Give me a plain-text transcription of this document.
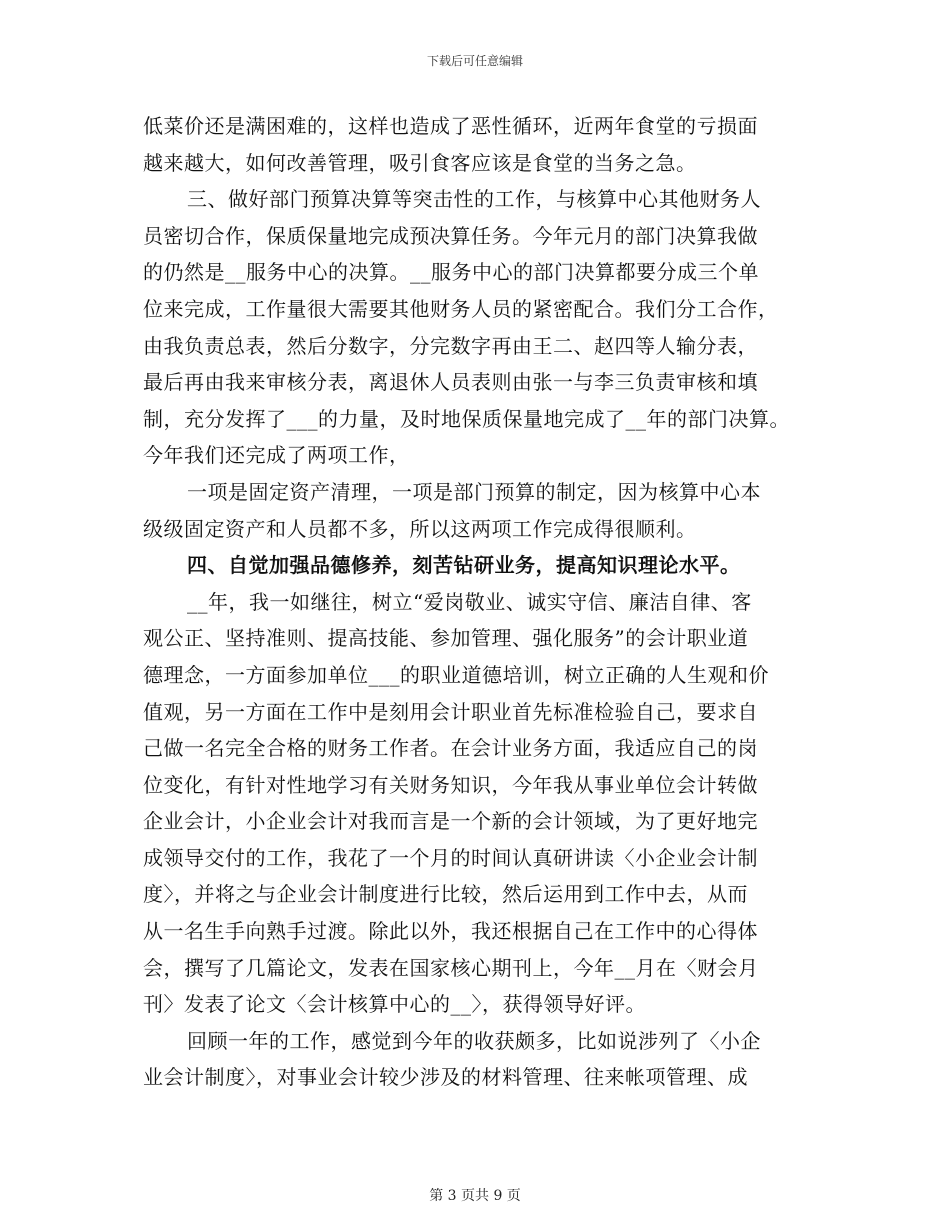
下载后可任意编辑

低菜价还是满困难的，这样也造成了恶性循环，近两年食堂的亏损面

越来越大，如何改善管理，吸引食客应该是食堂的当务之急。

三、做好部门预算决算等突击性的工作，与核算中心其他财务人

员密切合作，保质保量地完成预决算任务。今年元月的部门决算我做

的仍然是__服务中心的决算。__服务中心的部门决算都要分成三个单

位来完成，工作量很大需要其他财务人员的紧密配合。我们分工合作，

由我负责总表，然后分数字，分完数字再由王二、赵四等人输分表，

最后再由我来审核分表，离退休人员表则由张一与李三负责审核和填

制，充分发挥了___的力量，及时地保质保量地完成了__年的部门决算。

今年我们还完成了两项工作，

一项是固定资产清理，一项是部门预算的制定，因为核算中心本

级级固定资产和人员都不多，所以这两项工作完成得很顺利。

四、自觉加强品德修养，刻苦钻研业务，提高知识理论水平。

__年，我一如继往，树立“爱岗敬业、诚实守信、廉洁自律、客

观公正、坚持准则、提高技能、参加管理、强化服务”的会计职业道

德理念，一方面参加单位___的职业道德培训，树立正确的人生观和价

值观，另一方面在工作中是刻用会计职业首先标准检验自己，要求自

己做一名完全合格的财务工作者。在会计业务方面，我适应自己的岗

位变化，有针对性地学习有关财务知识，今年我从事业单位会计转做

企业会计，小企业会计对我而言是一个新的会计领域，为了更好地完

成领导交付的工作，我花了一个月的时间认真研讲读〈小企业会计制

度〉，并将之与企业会计制度进行比较，然后运用到工作中去，从而

从一名生手向熟手过渡。除此以外，我还根据自己在工作中的心得体

会，撰写了几篇论文，发表在国家核心期刊上，今年__月在〈财会月

刊〉发表了论文〈会计核算中心的__〉，获得领导好评。

回顾一年的工作，感觉到今年的收获颇多，比如说涉列了〈小企

业会计制度〉，对事业会计较少涉及的材料管理、往来帐项管理、成

第 3 页共 9 页
